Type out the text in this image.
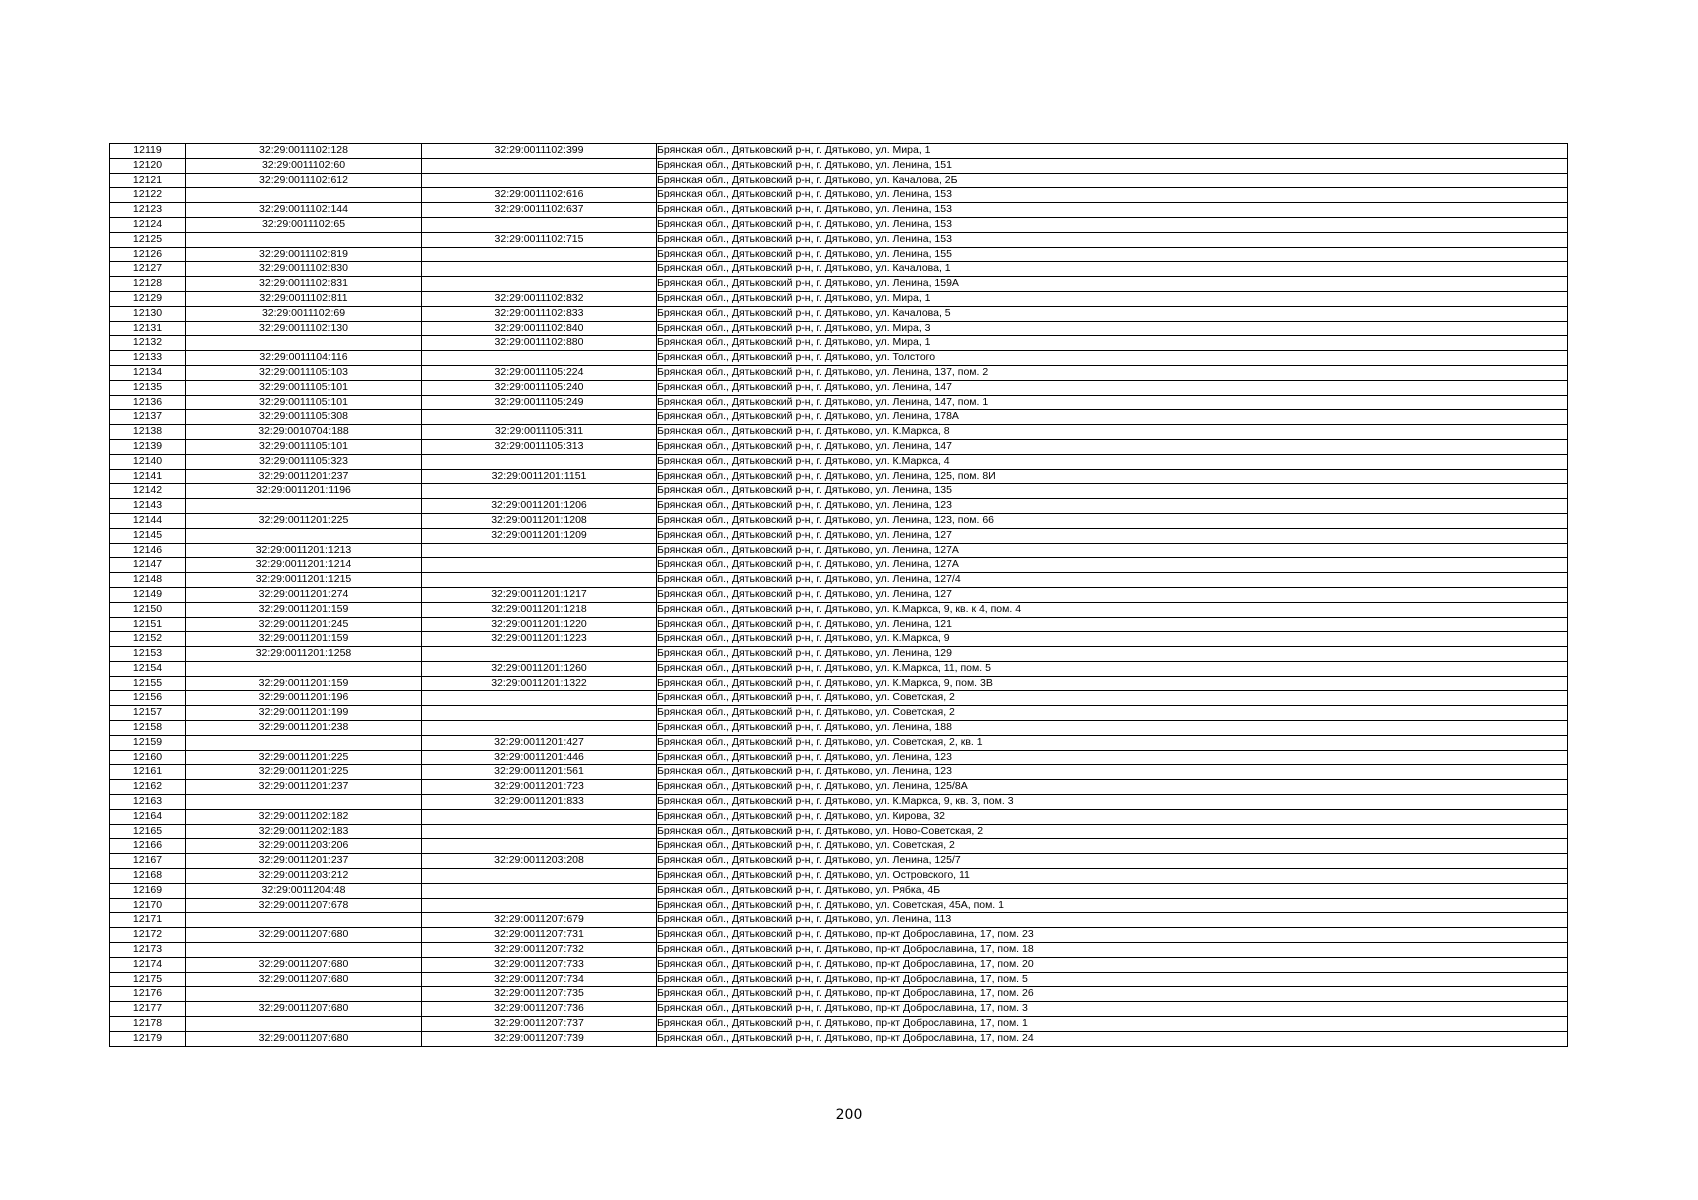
12119	32:29:0011102:128	32:29:0011102:399	Брянская обл., Дятьковский р-н, г. Дятьково, ул. Мира, 1
12120	32:29:0011102:60		Брянская обл., Дятьковский р-н, г. Дятьково, ул. Ленина, 151
12121	32:29:0011102:612		Брянская обл., Дятьковский р-н, г. Дятьково, ул. Качалова, 2Б
12122		32:29:0011102:616	Брянская обл., Дятьковский р-н, г. Дятьково, ул. Ленина, 153
12123	32:29:0011102:144	32:29:0011102:637	Брянская обл., Дятьковский р-н, г. Дятьково, ул. Ленина, 153
12124	32:29:0011102:65		Брянская обл., Дятьковский р-н, г. Дятьково, ул. Ленина, 153
12125		32:29:0011102:715	Брянская обл., Дятьковский р-н, г. Дятьково, ул. Ленина, 153
12126	32:29:0011102:819		Брянская обл., Дятьковский р-н, г. Дятьково, ул. Ленина, 155
12127	32:29:0011102:830		Брянская обл., Дятьковский р-н, г. Дятьково, ул. Качалова, 1
12128	32:29:0011102:831		Брянская обл., Дятьковский р-н, г. Дятьково, ул. Ленина, 159А
12129	32:29:0011102:811	32:29:0011102:832	Брянская обл., Дятьковский р-н, г. Дятьково, ул. Мира, 1
12130	32:29:0011102:69	32:29:0011102:833	Брянская обл., Дятьковский р-н, г. Дятьково, ул. Качалова, 5
12131	32:29:0011102:130	32:29:0011102:840	Брянская обл., Дятьковский р-н, г. Дятьково, ул. Мира, 3
12132		32:29:0011102:880	Брянская обл., Дятьковский р-н, г. Дятьково, ул. Мира, 1
12133	32:29:0011104:116		Брянская обл., Дятьковский р-н, г. Дятьково, ул. Толстого
12134	32:29:0011105:103	32:29:0011105:224	Брянская обл., Дятьковский р-н, г. Дятьково, ул. Ленина, 137, пом. 2
12135	32:29:0011105:101	32:29:0011105:240	Брянская обл., Дятьковский р-н, г. Дятьково, ул. Ленина, 147
12136	32:29:0011105:101	32:29:0011105:249	Брянская обл., Дятьковский р-н, г. Дятьково, ул. Ленина, 147, пом. 1
12137	32:29:0011105:308		Брянская обл., Дятьковский р-н, г. Дятьково, ул. Ленина, 178А
12138	32:29:0010704:188	32:29:0011105:311	Брянская обл., Дятьковский р-н, г. Дятьково, ул. К.Маркса, 8
12139	32:29:0011105:101	32:29:0011105:313	Брянская обл., Дятьковский р-н, г. Дятьково, ул. Ленина, 147
12140	32:29:0011105:323		Брянская обл., Дятьковский р-н, г. Дятьково, ул. К.Маркса, 4
12141	32:29:0011201:237	32:29:0011201:1151	Брянская обл., Дятьковский р-н, г. Дятьково, ул. Ленина, 125, пом. 8И
12142	32:29:0011201:1196		Брянская обл., Дятьковский р-н, г. Дятьково, ул. Ленина, 135
12143		32:29:0011201:1206	Брянская обл., Дятьковский р-н, г. Дятьково, ул. Ленина, 123
12144	32:29:0011201:225	32:29:0011201:1208	Брянская обл., Дятьковский р-н, г. Дятьково, ул. Ленина, 123, пом. 66
12145		32:29:0011201:1209	Брянская обл., Дятьковский р-н, г. Дятьково, ул. Ленина, 127
12146	32:29:0011201:1213		Брянская обл., Дятьковский р-н, г. Дятьково, ул. Ленина, 127А
12147	32:29:0011201:1214		Брянская обл., Дятьковский р-н, г. Дятьково, ул. Ленина, 127А
12148	32:29:0011201:1215		Брянская обл., Дятьковский р-н, г. Дятьково, ул. Ленина, 127/4
12149	32:29:0011201:274	32:29:0011201:1217	Брянская обл., Дятьковский р-н, г. Дятьково, ул. Ленина, 127
12150	32:29:0011201:159	32:29:0011201:1218	Брянская обл., Дятьковский р-н, г. Дятьково, ул. К.Маркса, 9, кв. к 4, пом. 4
12151	32:29:0011201:245	32:29:0011201:1220	Брянская обл., Дятьковский р-н, г. Дятьково, ул. Ленина, 121
12152	32:29:0011201:159	32:29:0011201:1223	Брянская обл., Дятьковский р-н, г. Дятьково, ул. К.Маркса, 9
12153	32:29:0011201:1258		Брянская обл., Дятьковский р-н, г. Дятьково, ул. Ленина, 129
12154		32:29:0011201:1260	Брянская обл., Дятьковский р-н, г. Дятьково, ул. К.Маркса, 11, пом. 5
12155	32:29:0011201:159	32:29:0011201:1322	Брянская обл., Дятьковский р-н, г. Дятьково, ул. К.Маркса, 9, пом. 3В
12156	32:29:0011201:196		Брянская обл., Дятьковский р-н, г. Дятьково, ул. Советская, 2
12157	32:29:0011201:199		Брянская обл., Дятьковский р-н, г. Дятьково, ул. Советская, 2
12158	32:29:0011201:238		Брянская обл., Дятьковский р-н, г. Дятьково, ул. Ленина, 188
12159		32:29:0011201:427	Брянская обл., Дятьковский р-н, г. Дятьково, ул. Советская, 2, кв. 1
12160	32:29:0011201:225	32:29:0011201:446	Брянская обл., Дятьковский р-н, г. Дятьково, ул. Ленина, 123
12161	32:29:0011201:225	32:29:0011201:561	Брянская обл., Дятьковский р-н, г. Дятьково, ул. Ленина, 123
12162	32:29:0011201:237	32:29:0011201:723	Брянская обл., Дятьковский р-н, г. Дятьково, ул. Ленина, 125/8А
12163		32:29:0011201:833	Брянская обл., Дятьковский р-н, г. Дятьково, ул. К.Маркса, 9, кв. 3, пом. 3
12164	32:29:0011202:182		Брянская обл., Дятьковский р-н, г. Дятьково, ул. Кирова, 32
12165	32:29:0011202:183		Брянская обл., Дятьковский р-н, г. Дятьково, ул. Ново-Советская, 2
12166	32:29:0011203:206		Брянская обл., Дятьковский р-н, г. Дятьково, ул. Советская, 2
12167	32:29:0011201:237	32:29:0011203:208	Брянская обл., Дятьковский р-н, г. Дятьково, ул. Ленина, 125/7
12168	32:29:0011203:212		Брянская обл., Дятьковский р-н, г. Дятьково, ул. Островского, 11
12169	32:29:0011204:48		Брянская обл., Дятьковский р-н, г. Дятьково, ул. Рябка, 4Б
12170	32:29:0011207:678		Брянская обл., Дятьковский р-н, г. Дятьково, ул. Советская, 45А, пом. 1
12171		32:29:0011207:679	Брянская обл., Дятьковский р-н, г. Дятьково, ул. Ленина, 113
12172	32:29:0011207:680	32:29:0011207:731	Брянская обл., Дятьковский р-н, г. Дятьково, пр-кт Доброславина, 17, пом. 23
12173		32:29:0011207:732	Брянская обл., Дятьковский р-н, г. Дятьково, пр-кт Доброславина, 17, пом. 18
12174	32:29:0011207:680	32:29:0011207:733	Брянская обл., Дятьковский р-н, г. Дятьково, пр-кт Доброславина, 17, пом. 20
12175	32:29:0011207:680	32:29:0011207:734	Брянская обл., Дятьковский р-н, г. Дятьково, пр-кт Доброславина, 17, пом. 5
12176		32:29:0011207:735	Брянская обл., Дятьковский р-н, г. Дятьково, пр-кт Доброславина, 17, пом. 26
12177	32:29:0011207:680	32:29:0011207:736	Брянская обл., Дятьковский р-н, г. Дятьково, пр-кт Доброславина, 17, пом. 3
12178		32:29:0011207:737	Брянская обл., Дятьковский р-н, г. Дятьково, пр-кт Доброславина, 17, пом. 1
12179	32:29:0011207:680	32:29:0011207:739	Брянская обл., Дятьковский р-н, г. Дятьково, пр-кт Доброславина, 17, пом. 24
200
